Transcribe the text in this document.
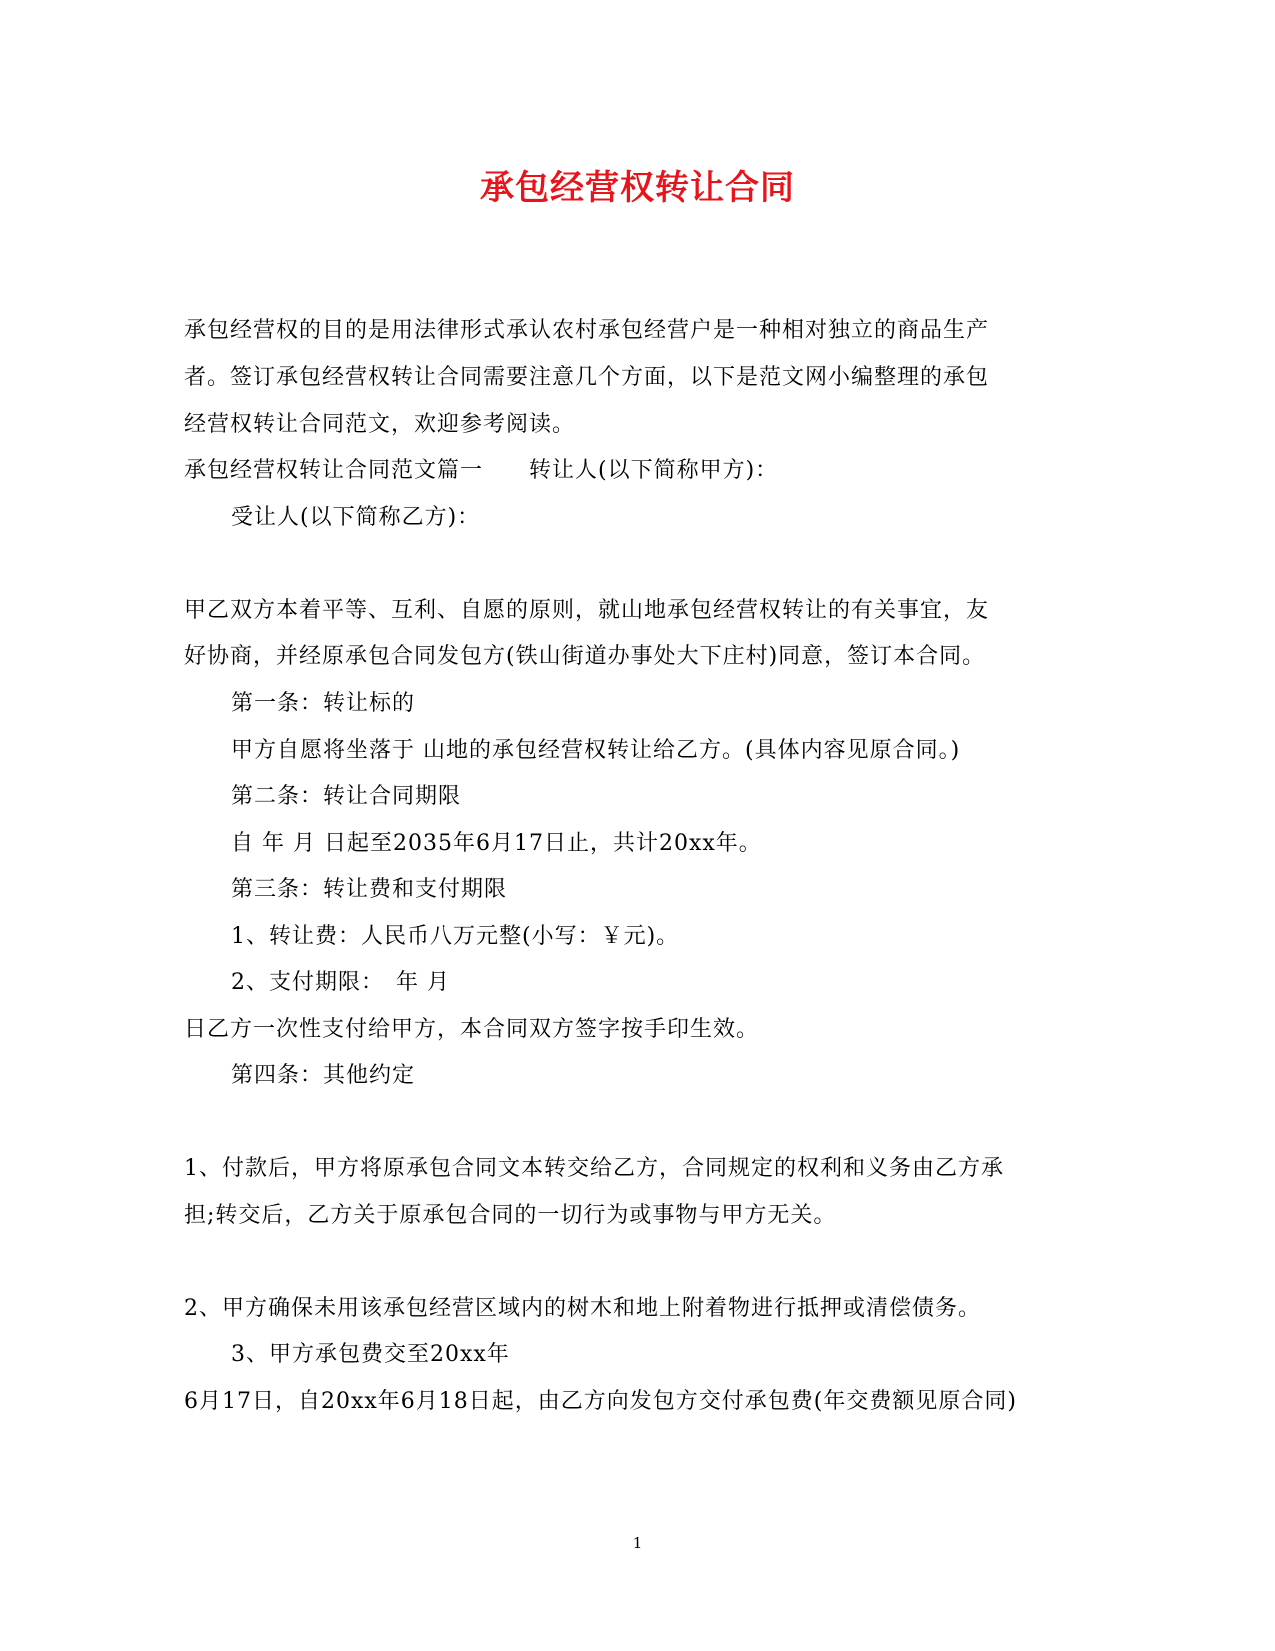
承包经营权转让合同
承包经营权的目的是用法律形式承认农村承包经营户是一种相对独立的商品生产
者。签订承包经营权转让合同需要注意几个方面，以下是范文网小编整理的承包
经营权转让合同范文，欢迎参考阅读。
承包经营权转让合同范文篇一　　转让人(以下简称甲方)：
受让人(以下简称乙方)：
甲乙双方本着平等、互利、自愿的原则，就山地承包经营权转让的有关事宜，友
好协商，并经原承包合同发包方(铁山街道办事处大下庄村)同意，签订本合同。
第一条：转让标的
甲方自愿将坐落于 山地的承包经营权转让给乙方。(具体内容见原合同。)
第二条：转让合同期限
自 年 月 日起至2035年6月17日止，共计20xx年。
第三条：转让费和支付期限
1、转让费：人民币八万元整(小写：￥元)。
2、支付期限：　年 月
日乙方一次性支付给甲方，本合同双方签字按手印生效。
第四条：其他约定
1、付款后，甲方将原承包合同文本转交给乙方，合同规定的权利和义务由乙方承
担;转交后，乙方关于原承包合同的一切行为或事物与甲方无关。
2、甲方确保未用该承包经营区域内的树木和地上附着物进行抵押或清偿债务。
3、甲方承包费交至20xx年
6月17日，自20xx年6月18日起，由乙方向发包方交付承包费(年交费额见原合同)
1
